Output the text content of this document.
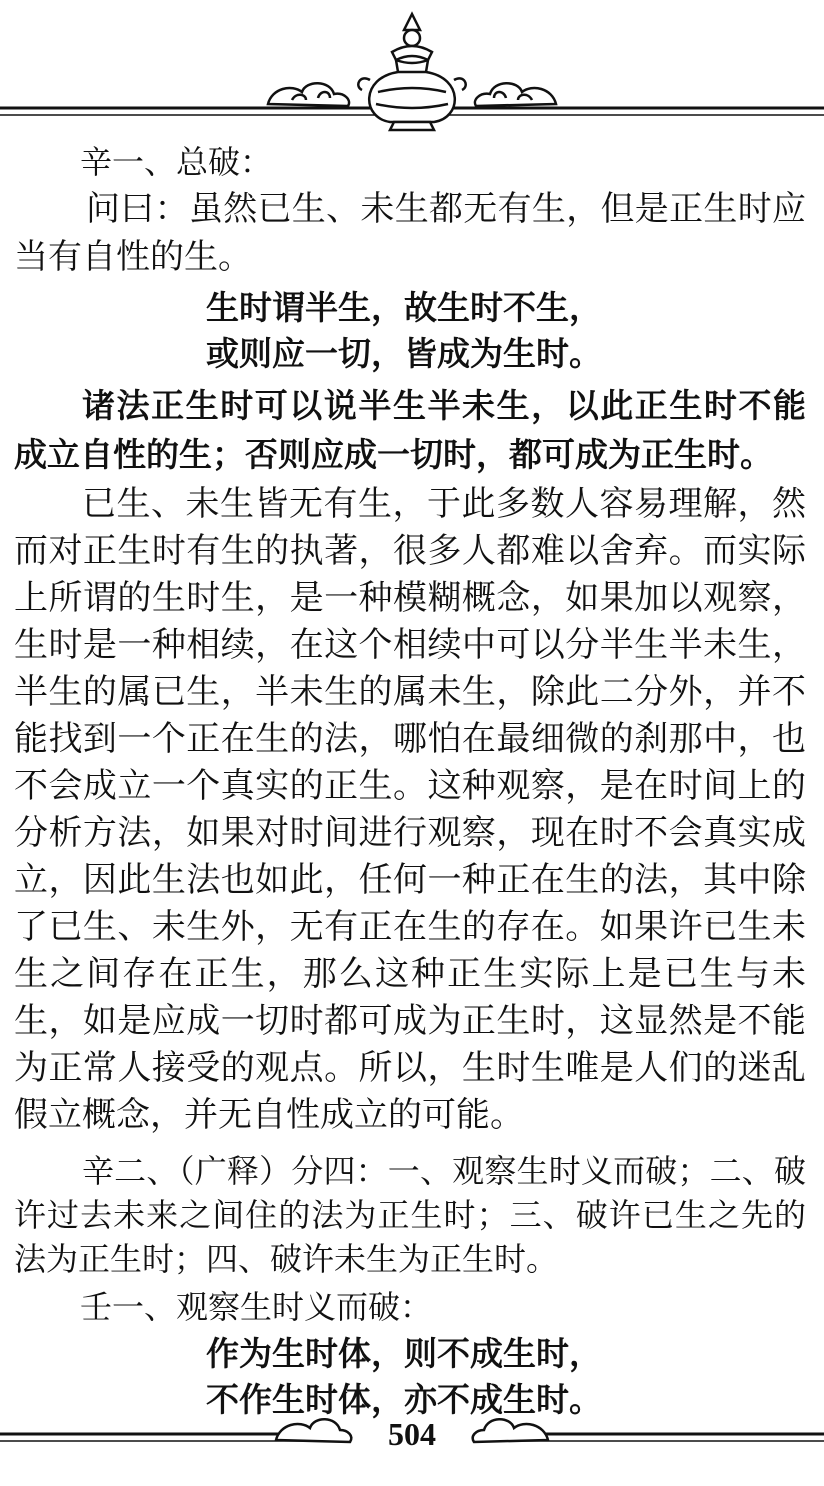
辛一、总破：

问曰：虽然已生、未生都无有生，但是正生时应当有自性的生。

生时谓半生，故生时不生，

或则应一切，皆成为生时。

诸法正生时可以说半生半未生，以此正生时不能成立自性的生；否则应成一切时，都可成为正生时。

已生、未生皆无有生，于此多数人容易理解，然而对正生时有生的执著，很多人都难以舍弃。而实际上所谓的生时生，是一种模糊概念，如果加以观察，生时是一种相续，在这个相续中可以分半生半未生，半生的属已生，半未生的属未生，除此二分外，并不能找到一个正在生的法，哪怕在最细微的刹那中，也不会成立一个真实的正生。这种观察，是在时间上的分析方法，如果对时间进行观察，现在时不会真实成立，因此生法也如此，任何一种正在生的法，其中除了已生、未生外，无有正在生的存在。如果许已生未生之间存在正生，那么这种正生实际上是已生与未生，如是应成一切时都可成为正生时，这显然是不能为正常人接受的观点。所以，生时生唯是人们的迷乱假立概念，并无自性成立的可能。

辛二、（广释）分四：一、观察生时义而破；二、破许过去未来之间住的法为正生时；三、破许已生之先的法为正生时；四、破许未生为正生时。

壬一、观察生时义而破：

作为生时体，则不成生时，

不作生时体，亦不成生时。

504
